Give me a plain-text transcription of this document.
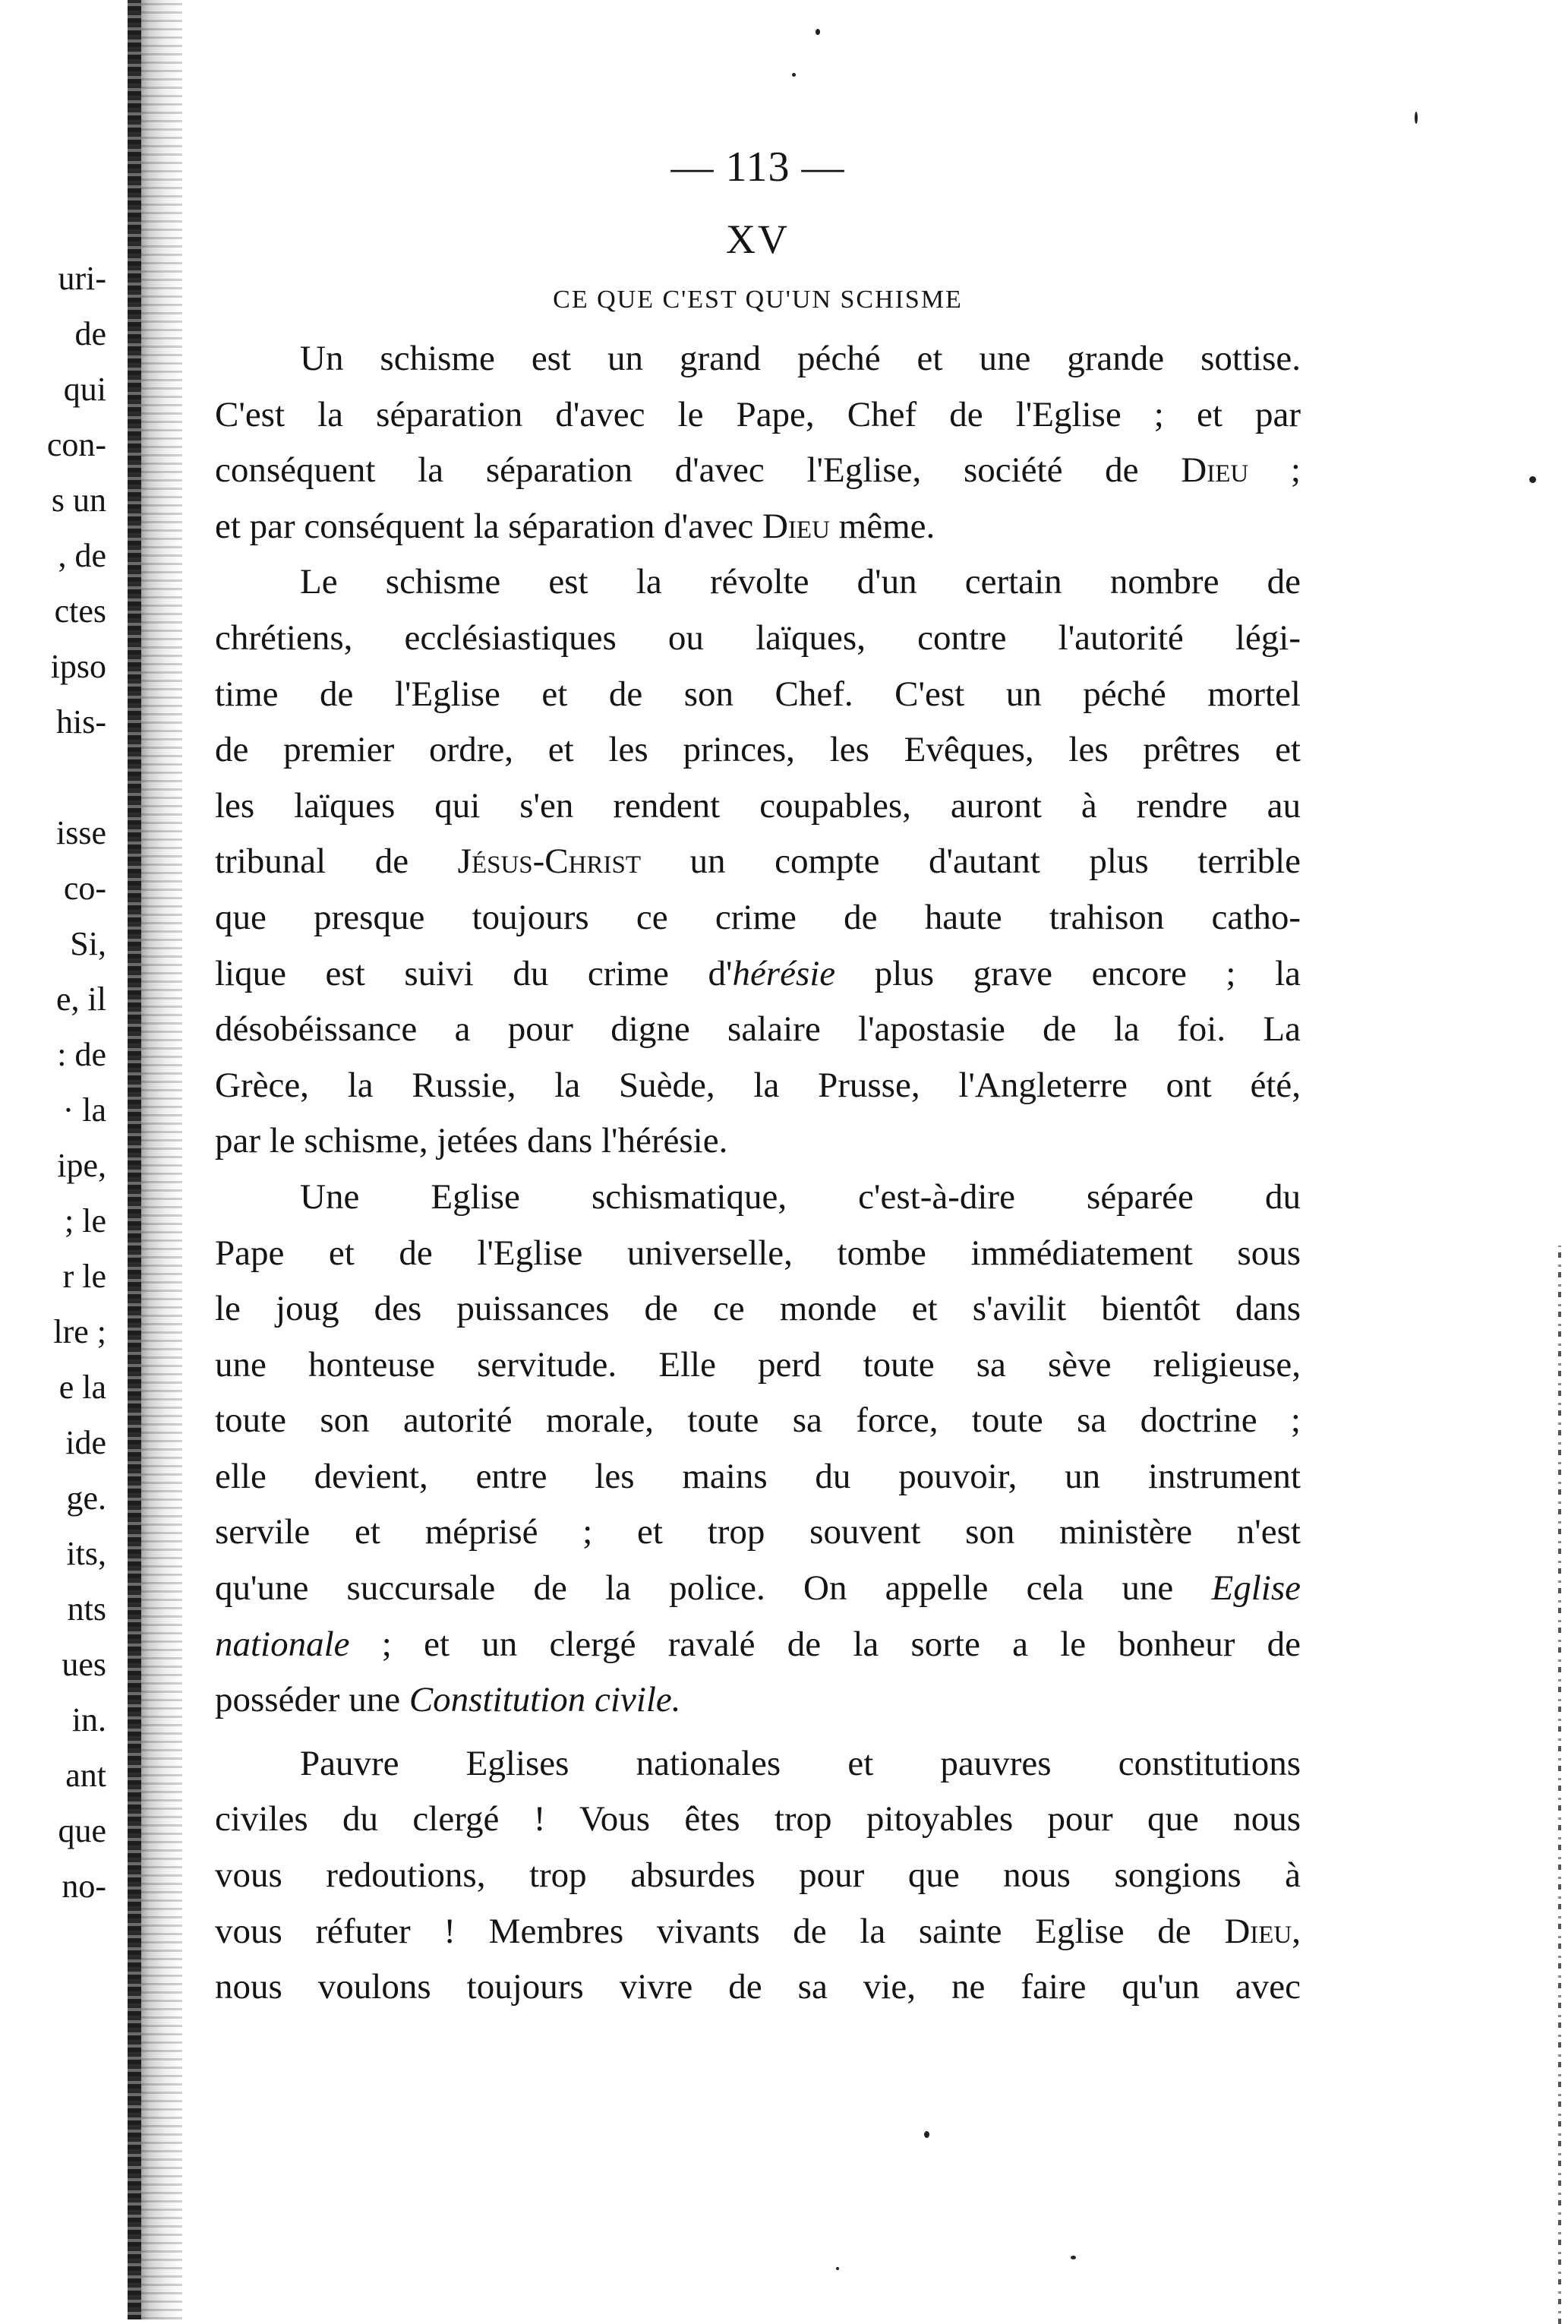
uri-
de
qui
con-
s un
, de
ctes
ipso
his-
isse
co-
Si,
e, il
: de
· la
ipe,
; le
r le
lre ;
e la
ide
ge.
its,
nts
ues
in.
ant
que
no-
— 113 —
XV
CE QUE C'EST QU'UN SCHISME
Un schisme est un grand péché et une grande sottise.
C'est la séparation d'avec le Pape, Chef de l'Eglise ; et par
conséquent la séparation d'avec l'Eglise, société de Dieu ;
et par conséquent la séparation d'avec Dieu même.
Le schisme est la révolte d'un certain nombre de
chrétiens, ecclésiastiques ou laïques, contre l'autorité légi-
time de l'Eglise et de son Chef. C'est un péché mortel
de premier ordre, et les princes, les Evêques, les prêtres et
les laïques qui s'en rendent coupables, auront à rendre au
tribunal de Jésus-Christ un compte d'autant plus terrible
que presque toujours ce crime de haute trahison catho-
lique est suivi du crime d'hérésie plus grave encore ; la
désobéissance a pour digne salaire l'apostasie de la foi. La
Grèce, la Russie, la Suède, la Prusse, l'Angleterre ont été,
par le schisme, jetées dans l'hérésie.
Une Eglise schismatique, c'est-à-dire séparée du
Pape et de l'Eglise universelle, tombe immédiatement sous
le joug des puissances de ce monde et s'avilit bientôt dans
une honteuse servitude. Elle perd toute sa sève religieuse,
toute son autorité morale, toute sa force, toute sa doctrine ;
elle devient, entre les mains du pouvoir, un instrument
servile et méprisé ; et trop souvent son ministère n'est
qu'une succursale de la police. On appelle cela une Eglise
nationale ; et un clergé ravalé de la sorte a le bonheur de
posséder une Constitution civile.
Pauvre Eglises nationales et pauvres constitutions
civiles du clergé ! Vous êtes trop pitoyables pour que nous
vous redoutions, trop absurdes pour que nous songions à
vous réfuter ! Membres vivants de la sainte Eglise de Dieu,
nous voulons toujours vivre de sa vie, ne faire qu'un avec
